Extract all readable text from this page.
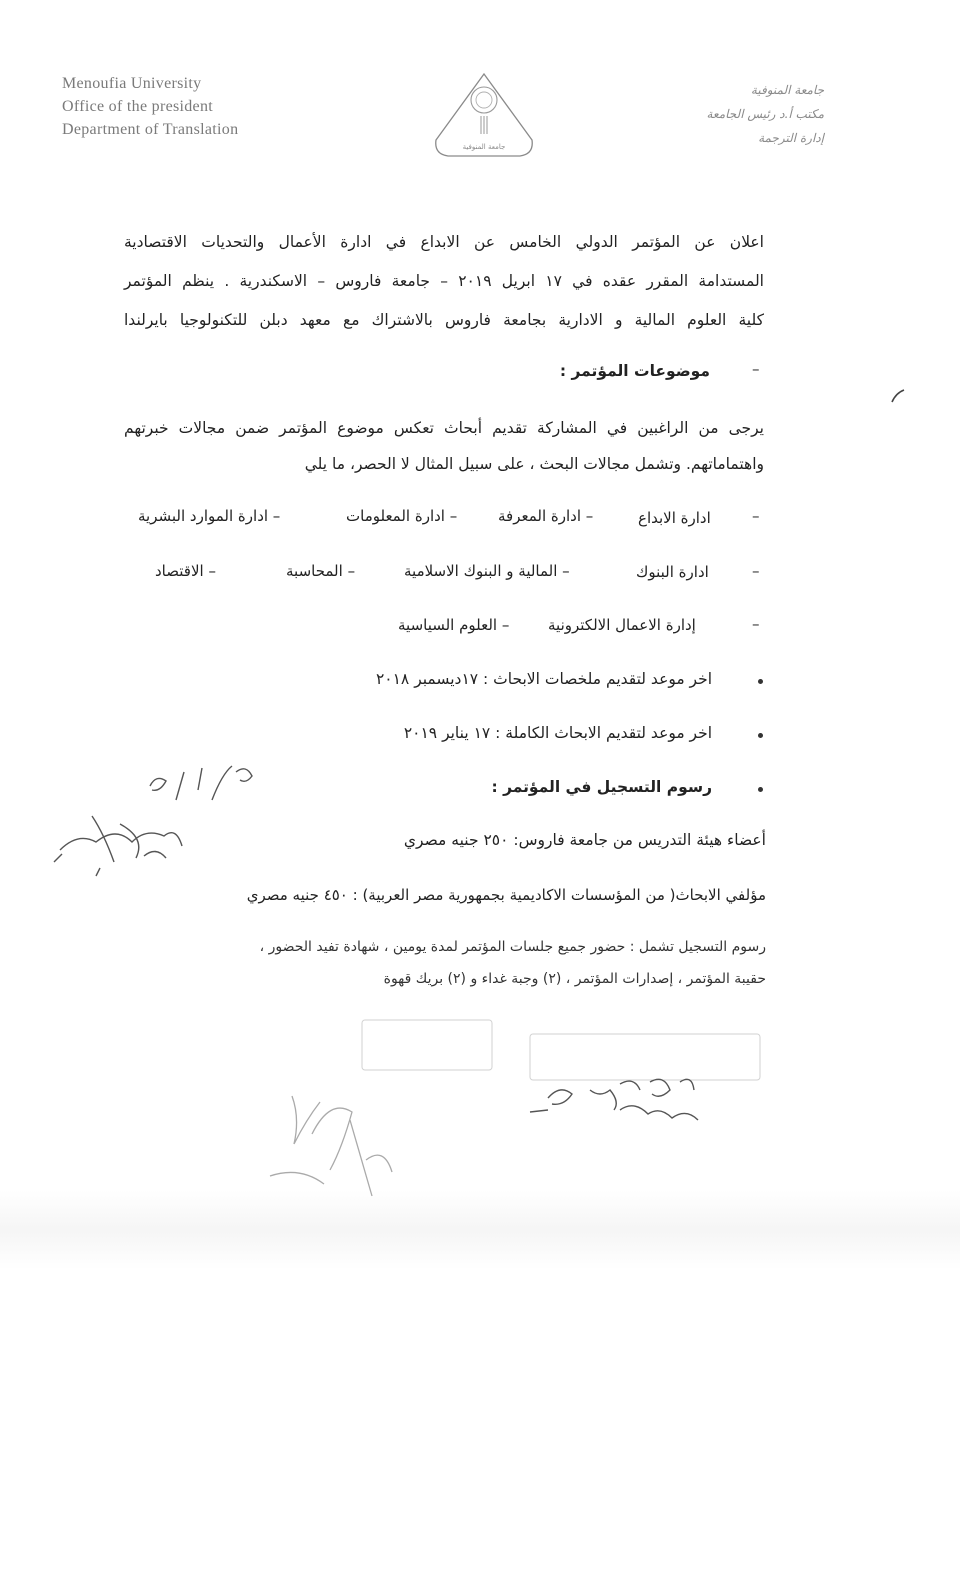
Menoufia University
Office of the president
Department of Translation
جامعة المنوفية
جامعة المنوفية
مكتب أ.د رئيس الجامعة
إدارة الترجمة
اعلان عن المؤتمر الدولي الخامس عن الابداع في ادارة الأعمال والتحديات الاقتصادية
المستدامة المقرر عقده في ١٧ ابريل ٢٠١٩ – جامعة فاروس – الاسكندرية . ينظم المؤتمر
كلية العلوم المالية و الادارية بجامعة فاروس بالاشتراك مع معهد دبلن للتكنولوجيا بايرلندا
–
موضوعات المؤتمر :
يرجى من الراغبين في المشاركة تقديم أبحاث تعكس موضوع المؤتمر ضمن مجالات خبرتهم
واهتماماتهم. وتشمل مجالات البحث ، على سبيل المثال لا الحصر، ما يلي
–
ادارة الابداع
– ادارة المعرفة
– ادارة المعلومات
– ادارة الموارد البشرية
–
ادارة البنوك
– المالية و البنوك الاسلامية
– المحاسبة
– الاقتصاد
–
إدارة الاعمال الالكترونية
– العلوم السياسية
اخر موعد لتقديم ملخصات الابحاث : ١٧ديسمبر ٢٠١٨
اخر موعد لتقديم الابحاث الكاملة : ١٧ يناير ٢٠١٩
رسوم التسجيل في المؤتمر :
أعضاء هيئة التدريس من جامعة فاروس: ٢٥٠ جنيه مصري
مؤلفي الابحاث( من المؤسسات الاكاديمية بجمهورية مصر العربية) : ٤٥٠ جنيه مصري
رسوم التسجيل تشمل : حضور جميع جلسات المؤتمر لمدة يومين ، شهادة تفيد الحضور ،
حقيبة المؤتمر ، إصدارات المؤتمر ، (٢) وجبة غداء و (٢) بريك قهوة
